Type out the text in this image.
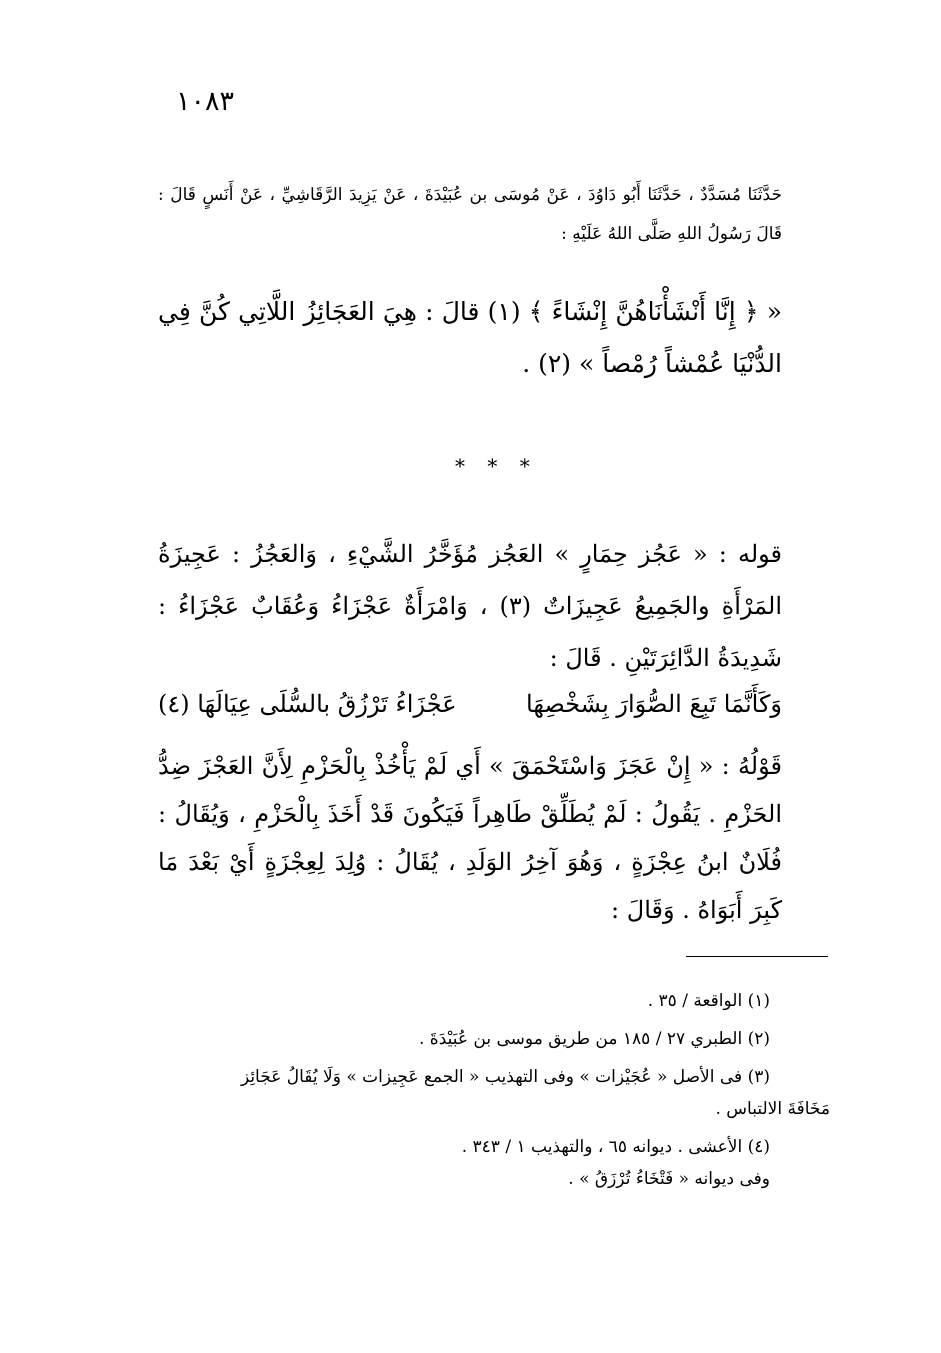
١٠٨٣
حَدَّثَنَا مُسَدَّدٌ ، حَدَّثَنَا أَبُو دَاوُدَ ، عَنْ مُوسَى بن عُبَيْدَةَ ، عَنْ يَزِيدَ الرَّقَاشِيِّ ، عَنْ أَنَسٍ قَالَ : قَالَ رَسُولُ اللهِ صَلَّى اللهُ عَلَيْهِ :
« ﴿ إِنَّا أَنْشَأْنَاهُنَّ إِنْشَاءً ﴾ (١) قالَ : هِيَ العَجَائِزُ اللَّاتِي كُنَّ فِي الدُّنْيَا عُمْشاً رُمْصاً » (٢) .
* * *
قوله : « عَجُز حِمَارٍ » العَجُز مُؤَخَّرُ الشَّيْءِ ، وَالعَجُزُ : عَجِيزَةُ المَرْأَةِ والجَمِيعُ عَجِيزَاتٌ (٣) ، وَامْرَأَةٌ عَجْزَاءُ وَعُقَابٌ عَجْزَاءُ : شَدِيدَةُ الدَّائِرَتَيْنِ . قَالَ :
وَكَأَنَّمَا تَبِعَ الصُّوَارَ بِشَخْصِهَا
عَجْزَاءُ تَرْزُقُ بالسُّلَى عِيَالَهَا (٤)
قَوْلُهُ : « إِنْ عَجَزَ وَاسْتَحْمَقَ » أَي لَمْ يَأْخُذْ بِالْحَزْمِ لِأَنَّ العَجْزَ ضِدُّ الحَزْمِ . يَقُولُ : لَمْ يُطَلِّقْ طَاهِراً فَيَكُونَ قَدْ أَخَذَ بِالْحَزْمِ ، وَيُقَالُ : فُلَانٌ ابنُ عِجْزَةٍ ، وَهُوَ آخِرُ الوَلَدِ ، يُقَالُ : وُلِدَ لِعِجْزَةٍ أَيْ بَعْدَ مَا كَبِرَ أَبَوَاهُ . وَقَالَ :
(١) الواقعة / ٣٥ .
(٢) الطبري ٢٧ / ١٨٥ من طريق موسى بن عُبَيْدَةَ .
(٣) فى الأصل « عُجَيْزات » وفى التهذيب « الجمع عَجِيزات » وَلَا يُقَالُ عَجَائِز
مَخَافَةَ الالتباس .
(٤) الأعشى . ديوانه ٦٥ ، والتهذيب ١ / ٣٤٣ .
وفى ديوانه « فَتْخَاءُ تُرْزَقُ » .
